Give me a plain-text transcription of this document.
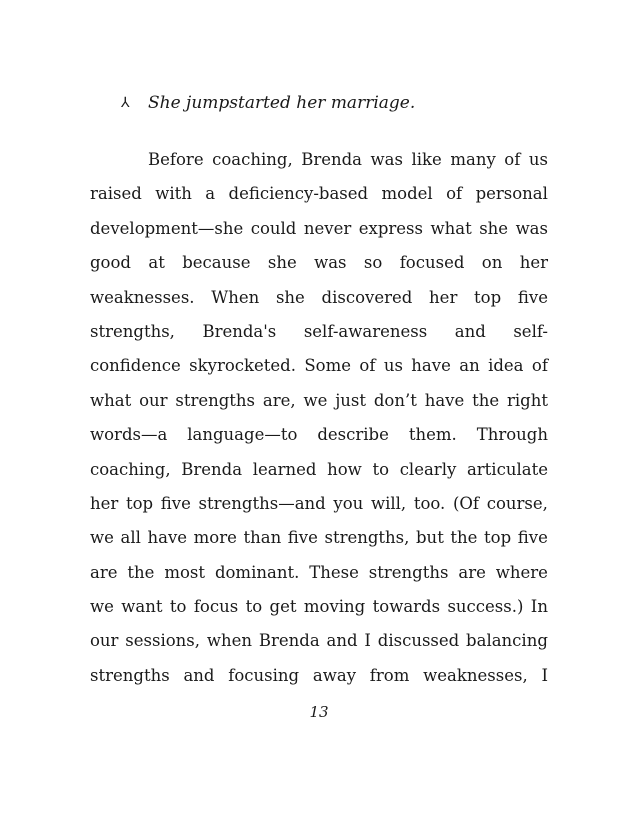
⅄	She jumpstarted her marriage.
Before coaching, Brenda was like many of us
raised with a deficiency-based model of personal
development—she could never express what she was
good at because she was so focused on her
weaknesses. When she discovered her top five
strengths, Brenda's self-awareness and self-
confidence skyrocketed. Some of us have an idea of
what our strengths are, we just don’t have the right
words—a language—to describe them. Through
coaching, Brenda learned how to clearly articulate
her top five strengths—and you will, too. (Of course,
we all have more than five strengths, but the top five
are the most dominant. These strengths are where
we want to focus to get moving towards success.) In
our sessions, when Brenda and I discussed balancing
strengths and focusing away from weaknesses, I
13
